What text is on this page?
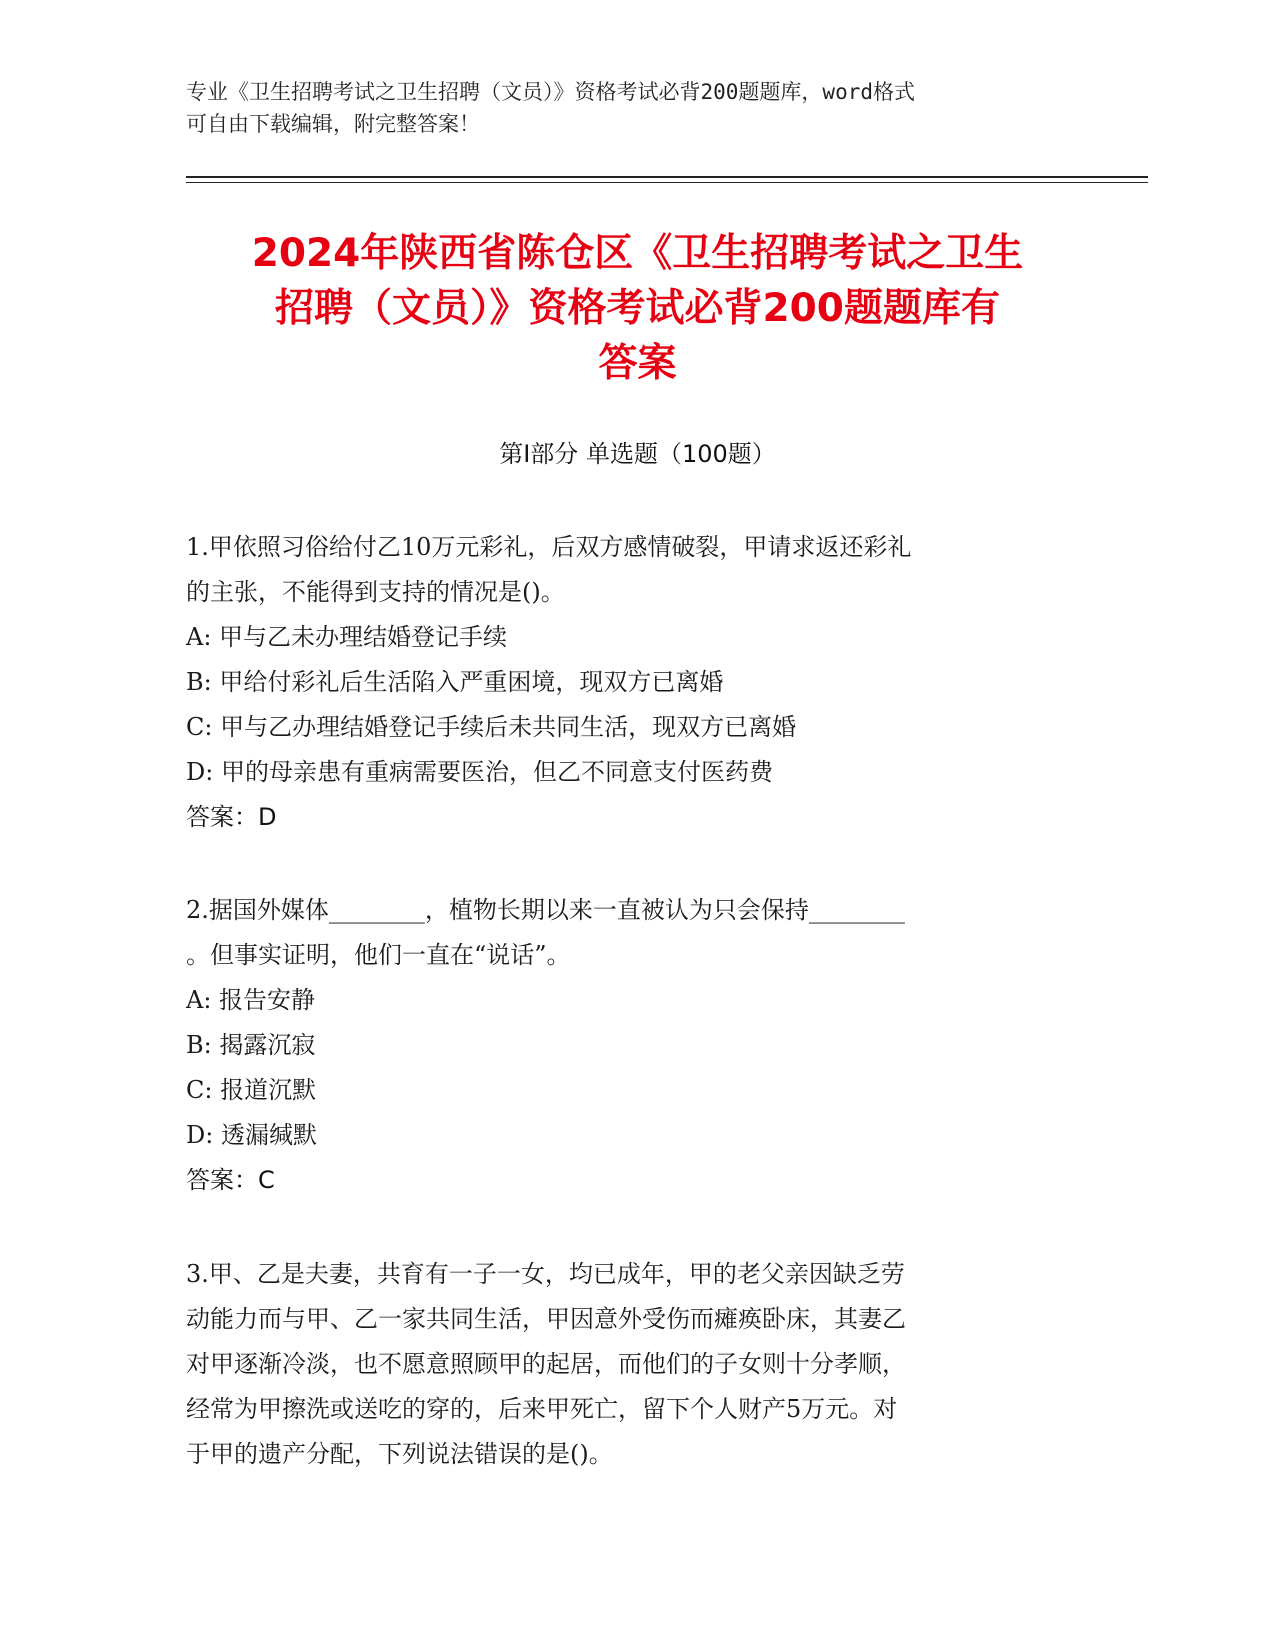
专业《卫生招聘考试之卫生招聘（文员）》资格考试必背200题题库，word格式
可自由下载编辑，附完整答案！
2024年陕西省陈仓区《卫生招聘考试之卫生
招聘（文员）》资格考试必背200题题库有
答案
第Ⅰ部分 单选题（100题）
1.甲依照习俗给付乙10万元彩礼，后双方感情破裂，甲请求返还彩礼
的主张，不能得到支持的情况是()。
A: 甲与乙未办理结婚登记手续
B: 甲给付彩礼后生活陷入严重困境，现双方已离婚
C: 甲与乙办理结婚登记手续后未共同生活，现双方已离婚
D: 甲的母亲患有重病需要医治，但乙不同意支付医药费
答案：D
2.据国外媒体________，植物长期以来一直被认为只会保持________
。但事实证明，他们一直在“说话”。
A: 报告安静
B: 揭露沉寂
C: 报道沉默
D: 透漏缄默
答案：C
3.甲、乙是夫妻，共育有一子一女，均已成年，甲的老父亲因缺乏劳
动能力而与甲、乙一家共同生活，甲因意外受伤而瘫痪卧床，其妻乙
对甲逐渐冷淡，也不愿意照顾甲的起居，而他们的子女则十分孝顺，
经常为甲擦洗或送吃的穿的，后来甲死亡，留下个人财产5万元。对
于甲的遗产分配，下列说法错误的是()。
